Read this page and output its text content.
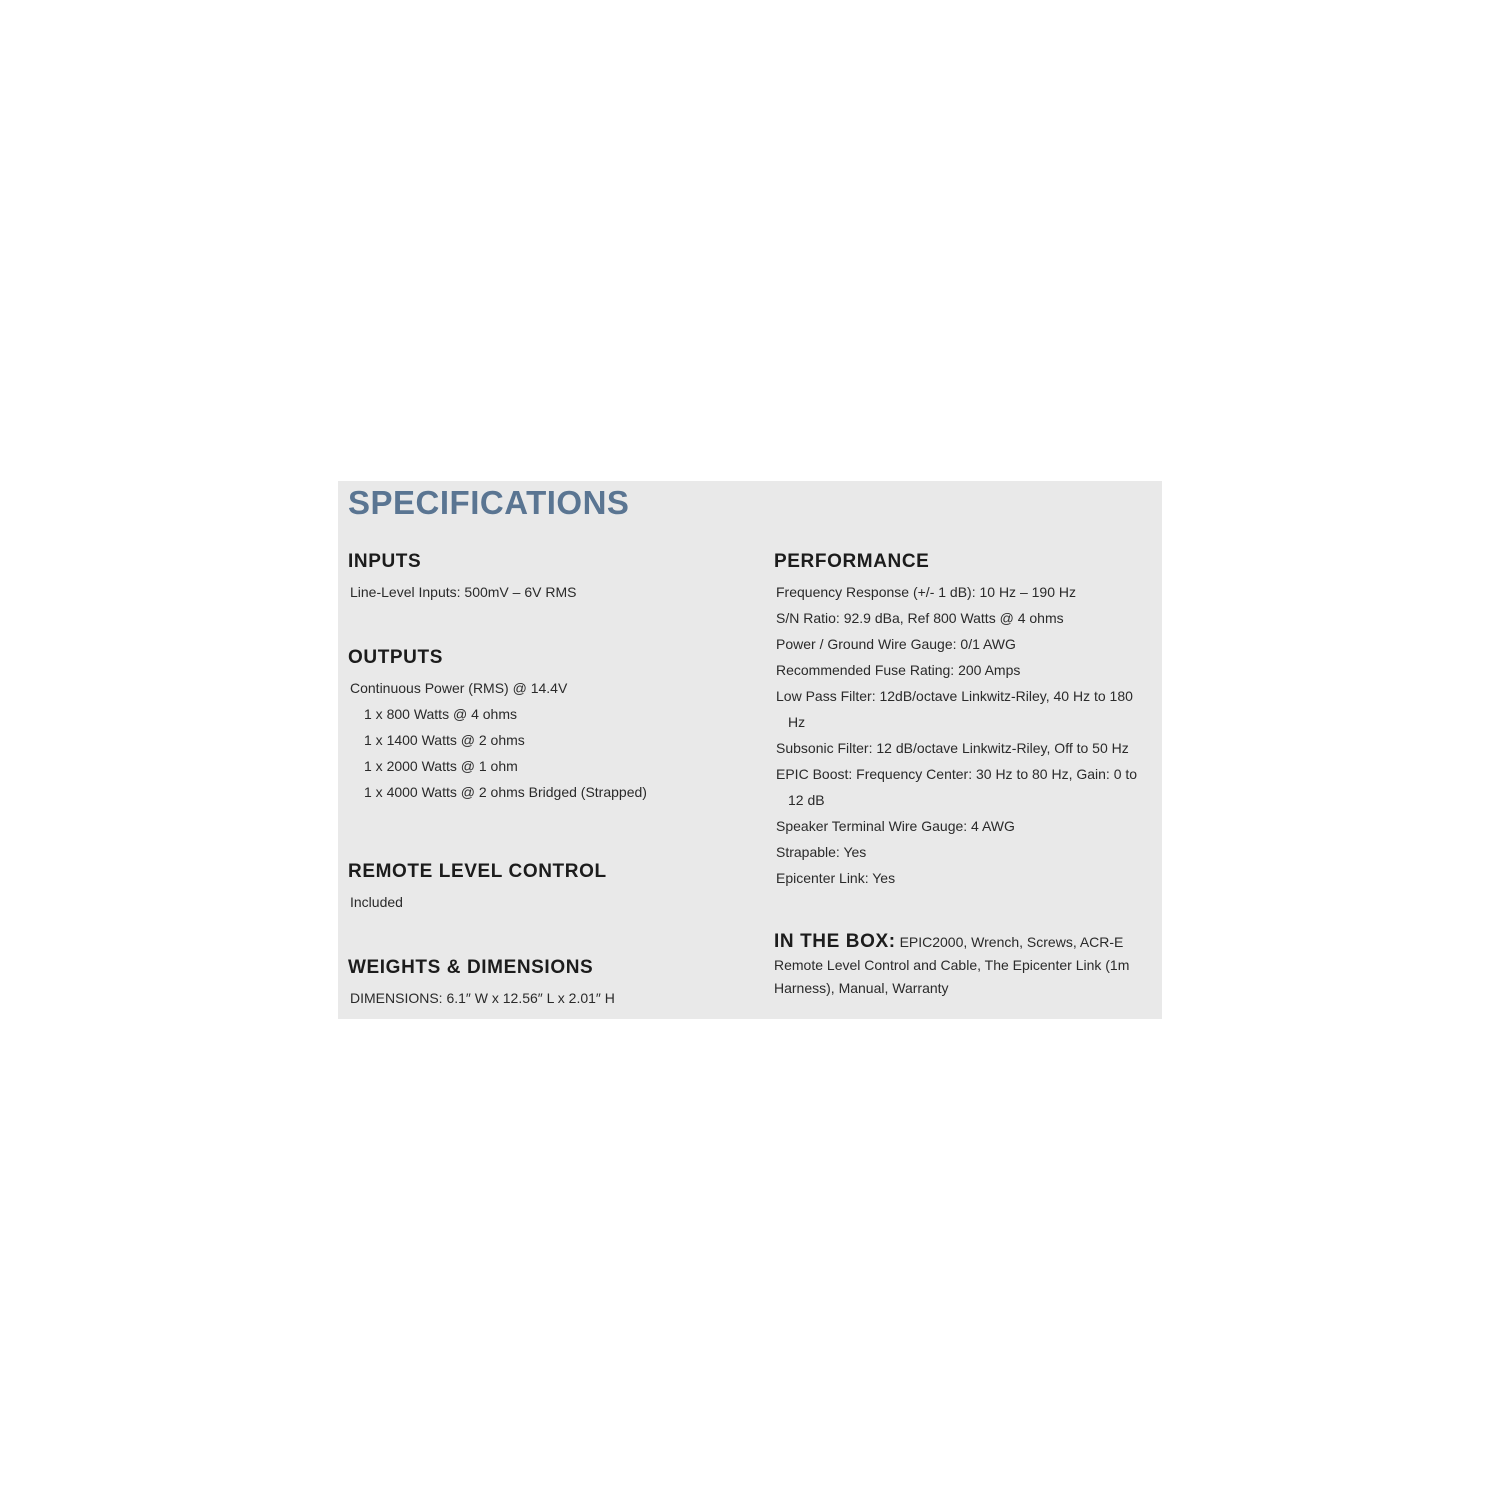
SPECIFICATIONS
INPUTS
Line-Level Inputs: 500mV – 6V RMS
OUTPUTS
Continuous Power (RMS) @ 14.4V
1 x 800 Watts @ 4 ohms
1 x 1400 Watts @ 2 ohms
1 x 2000 Watts @ 1 ohm
1 x 4000 Watts @ 2 ohms Bridged (Strapped)
REMOTE LEVEL CONTROL
Included
WEIGHTS & DIMENSIONS
DIMENSIONS: 6.1″ W x 12.56″ L x 2.01″ H
PERFORMANCE
Frequency Response (+/- 1 dB): 10 Hz – 190 Hz
S/N Ratio: 92.9 dBa, Ref 800 Watts @ 4 ohms
Power / Ground Wire Gauge: 0/1 AWG
Recommended Fuse Rating: 200 Amps
Low Pass Filter: 12dB/octave Linkwitz-Riley, 40 Hz to 180
Hz
Subsonic Filter: 12 dB/octave Linkwitz-Riley, Off to 50 Hz
EPIC Boost: Frequency Center: 30 Hz to 80 Hz, Gain: 0 to
12 dB
Speaker Terminal Wire Gauge: 4 AWG
Strapable: Yes
Epicenter Link: Yes

IN THE BOX: EPIC2000, Wrench, Screws, ACR-E Remote Level Control and Cable, The Epicenter Link (1m Harness), Manual, Warranty
